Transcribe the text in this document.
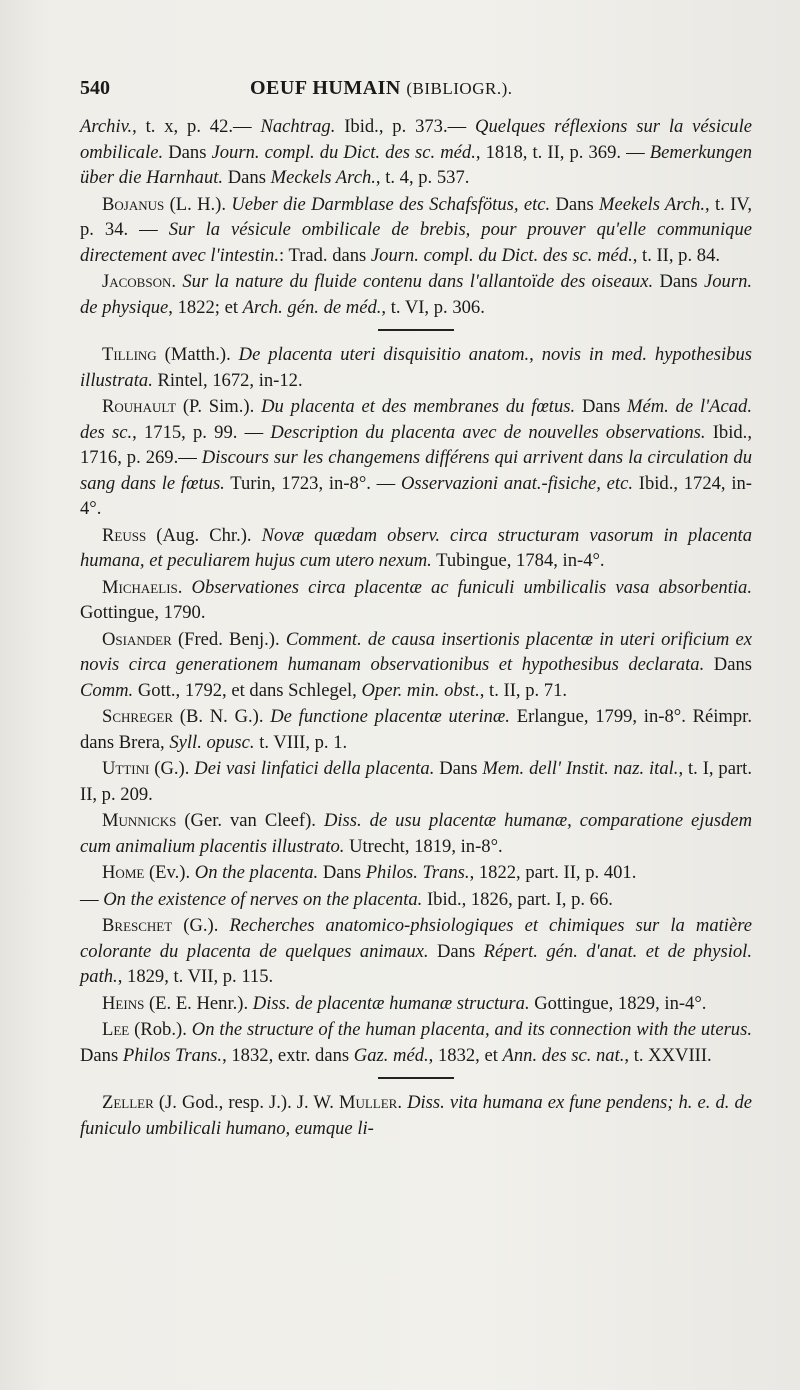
540	OEUF HUMAIN (BIBLIOGR.).

Archiv., t. x, p. 42.— Nachtrag. Ibid., p. 373.— Quelques réflexions sur la vésicule ombilicale. Dans Journ. compl. du Dict. des sc. méd., 1818, t. II, p. 369. — Bemerkungen über die Harnhaut. Dans Meckels Arch., t. 4, p. 537.

Bojanus (L. H.). Ueber die Darmblase des Schafsfötus, etc. Dans Meekels Arch., t. IV, p. 34. — Sur la vésicule ombilicale de brebis, pour prouver qu'elle communique directement avec l'intestin.: Trad. dans Journ. compl. du Dict. des sc. méd., t. II, p. 84.

Jacobson. Sur la nature du fluide contenu dans l'allantoïde des oiseaux. Dans Journ. de physique, 1822; et Arch. gén. de méd., t. VI, p. 306.

Tilling (Matth.). De placenta uteri disquisitio anatom., novis in med. hypothesibus illustrata. Rintel, 1672, in-12.

Rouhault (P. Sim.). Du placenta et des membranes du fœtus. Dans Mém. de l'Acad. des sc., 1715, p. 99. — Description du placenta avec de nouvelles observations. Ibid., 1716, p. 269.— Discours sur les changemens différens qui arrivent dans la circulation du sang dans le fœtus. Turin, 1723, in-8°. — Osservazioni anat.-fisiche, etc. Ibid., 1724, in-4°.

Reuss (Aug. Chr.). Novæ quædam observ. circa structuram vasorum in placenta humana, et peculiarem hujus cum utero nexum. Tubingue, 1784, in-4°.

Michaelis. Observationes circa placentæ ac funiculi umbilicalis vasa absorbentia. Gottingue, 1790.

Osiander (Fred. Benj.). Comment. de causa insertionis placentæ in uteri orificium ex novis circa generationem humanam observationibus et hypothesibus declarata. Dans Comm. Gott., 1792, et dans Schlegel, Oper. min. obst., t. II, p. 71.

Schreger (B. N. G.). De functione placentæ uterinæ. Erlangue, 1799, in-8°. Réimpr. dans Brera, Syll. opusc. t. VIII, p. 1.

Uttini (G.). Dei vasi linfatici della placenta. Dans Mem. dell' Instit. naz. ital., t. I, part. II, p. 209.

Munnicks (Ger. van Cleef). Diss. de usu placentæ humanæ, comparatione ejusdem cum animalium placentis illustrato. Utrecht, 1819, in-8°.

Home (Ev.). On the placenta. Dans Philos. Trans., 1822, part. II, p. 401.

— On the existence of nerves on the placenta. Ibid., 1826, part. I, p. 66.

Breschet (G.). Recherches anatomico-phsiologiques et chimiques sur la matière colorante du placenta de quelques animaux. Dans Répert. gén. d'anat. et de physiol. path., 1829, t. VII, p. 115.

Heins (E. E. Henr.). Diss. de placentæ humanæ structura. Gottingue, 1829, in-4°.

Lee (Rob.). On the structure of the human placenta, and its connection with the uterus. Dans Philos Trans., 1832, extr. dans Gaz. méd., 1832, et Ann. des sc. nat., t. XXVIII.

Zeller (J. God., resp. J.). J. W. Muller. Diss. vita humana ex fune pendens; h. e. d. de funiculo umbilicali humano, eumque li-
